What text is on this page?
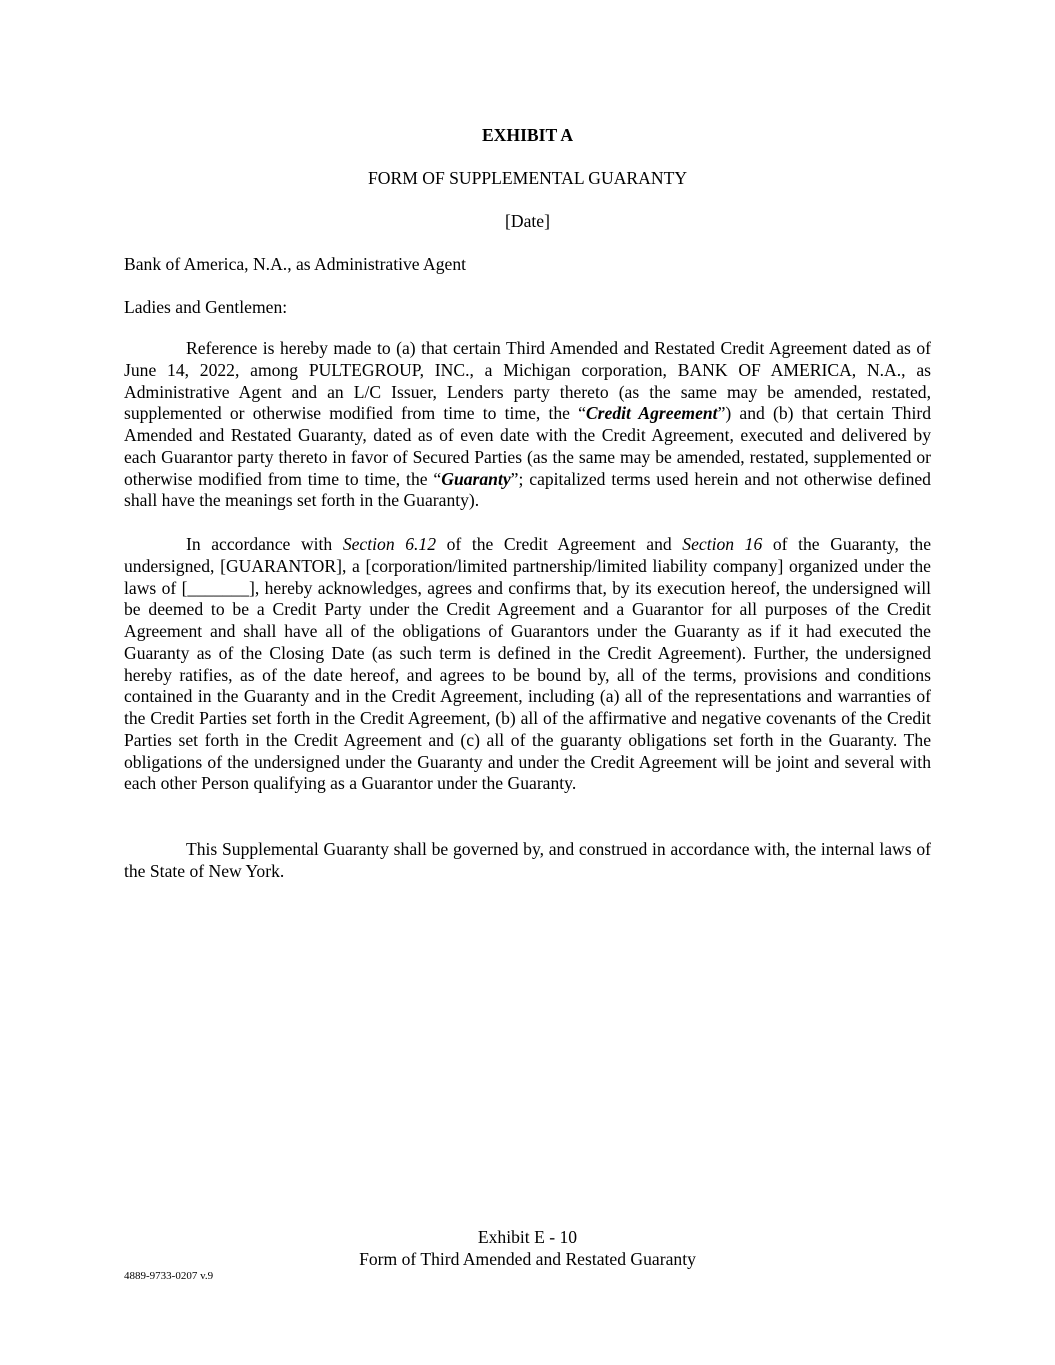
EXHIBIT A
FORM OF SUPPLEMENTAL GUARANTY
[Date]
Bank of America, N.A., as Administrative Agent
Ladies and Gentlemen:

Reference is hereby made to (a) that certain Third Amended and Restated Credit Agreement dated as of June 14, 2022, among PULTEGROUP, INC., a Michigan corporation, BANK OF AMERICA, N.A., as Administrative Agent and an L/C Issuer, Lenders party thereto (as the same may be amended, restated, supplemented or otherwise modified from time to time, the “Credit Agreement”) and (b) that certain Third Amended and Restated Guaranty, dated as of even date with the Credit Agreement, executed and delivered by each Guarantor party thereto in favor of Secured Parties (as the same may be amended, restated, supplemented or otherwise modified from time to time, the “Guaranty”; capitalized terms used herein and not otherwise defined shall have the meanings set forth in the Guaranty).

In accordance with Section 6.12 of the Credit Agreement and Section 16 of the Guaranty, the undersigned, [GUARANTOR], a [corporation/limited partnership/limited liability company] organized under the laws of [_______], hereby acknowledges, agrees and confirms that, by its execution hereof, the undersigned will be deemed to be a Credit Party under the Credit Agreement and a Guarantor for all purposes of the Credit Agreement and shall have all of the obligations of Guarantors under the Guaranty as if it had executed the Guaranty as of the Closing Date (as such term is defined in the Credit Agreement). Further, the undersigned hereby ratifies, as of the date hereof, and agrees to be bound by, all of the terms, provisions and conditions contained in the Guaranty and in the Credit Agreement, including (a) all of the representations and warranties of the Credit Parties set forth in the Credit Agreement, (b) all of the affirmative and negative covenants of the Credit Parties set forth in the Credit Agreement and (c) all of the guaranty obligations set forth in the Guaranty. The obligations of the undersigned under the Guaranty and under the Credit Agreement will be joint and several with each other Person qualifying as a Guarantor under the Guaranty.

This Supplemental Guaranty shall be governed by, and construed in accordance with, the internal laws of the State of New York.

Exhibit E - 10
Form of Third Amended and Restated Guaranty
4889-9733-0207 v.9
